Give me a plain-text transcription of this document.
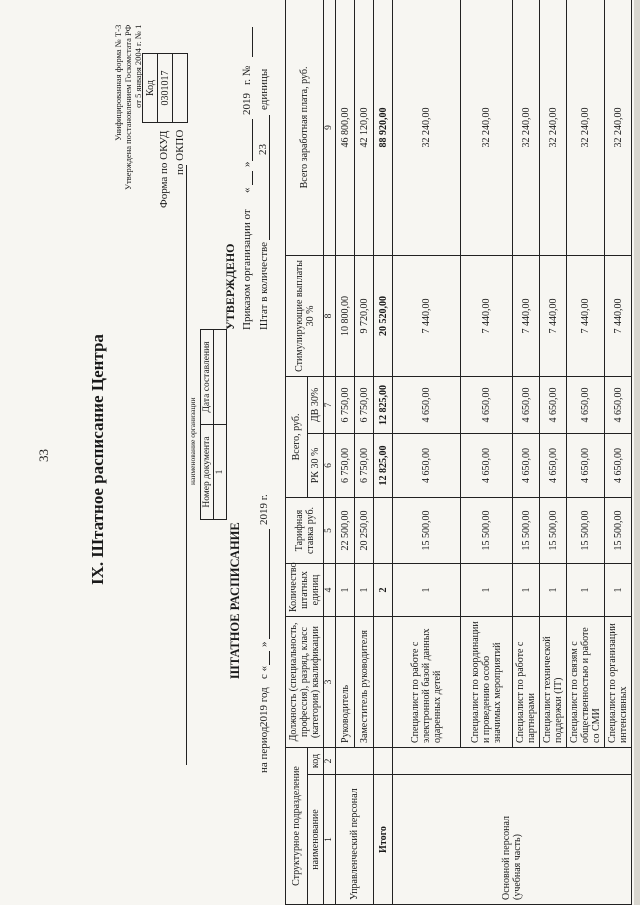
33 IX. Штатное расписание Центра
Унифицированная форма № Т-3 Утверждена постановлением Госкомстата РФ от 5 января 2004 г. № 1
Форма по ОКУД по ОКПО
Код
0301017

наименование организации Номер документа	Дата составления
1	
ШТАТНОЕ РАСПИСАНИЕ
УТВЕРЖДЕНО Приказом организации от
«
»
2019
г. №
Штат в количестве
23
единицы
на период
2019 год
с «
»
2019 г.
Структурное подразделение		Должность (специальность, профессия), разряд, класс (категория) квалификации	Количество штатных единиц	Тарифная ставка руб.	Всего, руб.		Стимулирующие выплаты 30 %	Всего заработная плата, руб.
наименование	код				РК 30 %	ДВ 30%		
1	2	3	4	5	6	7	8	9
Управленческий персонал		Руководитель	1	22 500,00	6 750,00	6 750,00	10 800,00	46 800,00
		Заместитель руководителя	1	20 250,00	6 750,00	6 750,00	9 720,00	42 120,00
Итого			2		12 825,00	12 825,00	20 520,00	88 920,00
Основной персонал (учебная часть)		Специалист по работе с электронной базой данных одаренных детей	1	15 500,00	4 650,00	4 650,00	7 440,00	32 240,00
		Специалист по координации и проведению особо значимых мероприятий	1	15 500,00	4 650,00	4 650,00	7 440,00	32 240,00
		Специалист по работе с партнерами	1	15 500,00	4 650,00	4 650,00	7 440,00	32 240,00
		Специалист технической поддержки (IT)	1	15 500,00	4 650,00	4 650,00	7 440,00	32 240,00
		Специалист по связям с общественностью и работе со СМИ	1	15 500,00	4 650,00	4 650,00	7 440,00	32 240,00
		Специалист по организации интенсивных	1	15 500,00	4 650,00	4 650,00	7 440,00	32 240,00
